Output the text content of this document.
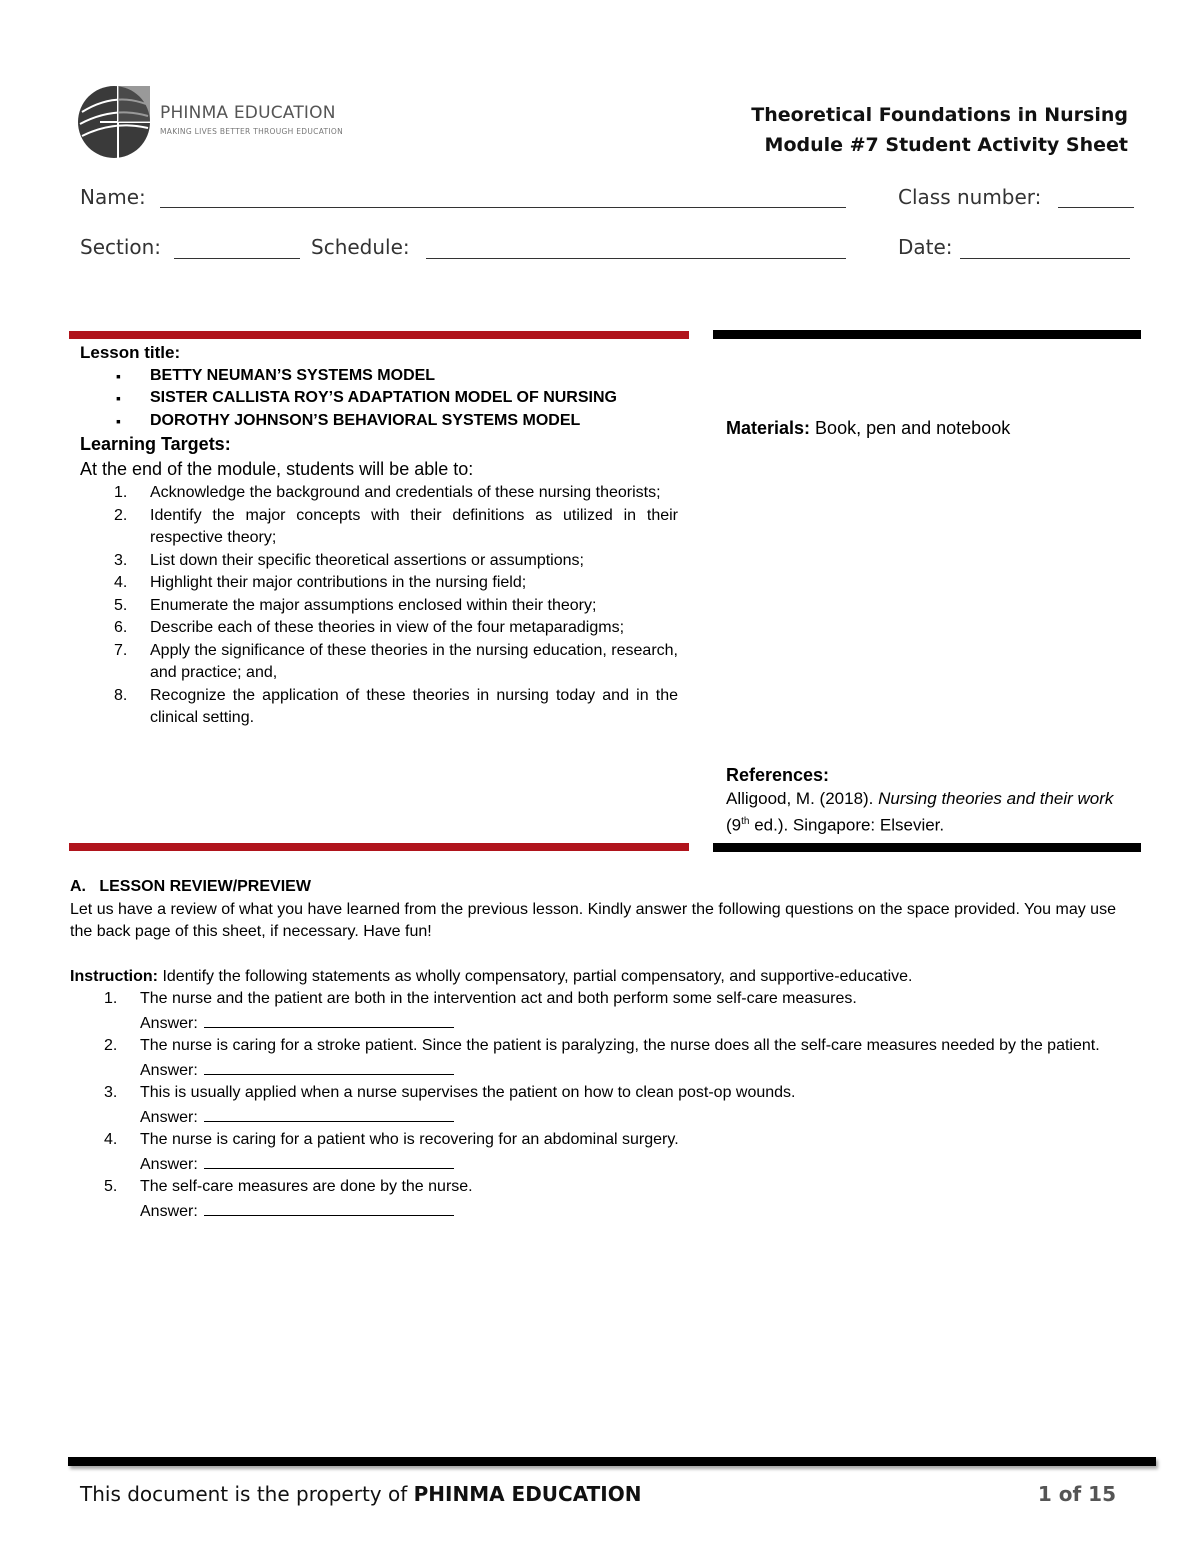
PHINMA EDUCATION
MAKING LIVES BETTER THROUGH EDUCATION
Theoretical Foundations in Nursing
Module #7 Student Activity Sheet
Name:	Class number:
Section:	Schedule:	Date:
Lesson title:
▪ BETTY NEUMAN’S SYSTEMS MODEL
▪ SISTER CALLISTA ROY’S ADAPTATION MODEL OF NURSING
▪ DOROTHY JOHNSON’S BEHAVIORAL SYSTEMS MODEL
Learning Targets:
At the end of the module, students will be able to:
1. Acknowledge the background and credentials of these nursing theorists;
2. Identify the major concepts with their definitions as utilized in their respective theory;
3. List down their specific theoretical assertions or assumptions;
4. Highlight their major contributions in the nursing field;
5. Enumerate the major assumptions enclosed within their theory;
6. Describe each of these theories in view of the four metaparadigms;
7. Apply the significance of these theories in the nursing education, research, and practice; and,
8. Recognize the application of these theories in nursing today and in the clinical setting.
Materials: Book, pen and notebook
References:
Alligood, M. (2018). Nursing theories and their work (9th ed.). Singapore: Elsevier.
A.   LESSON REVIEW/PREVIEW
Let us have a review of what you have learned from the previous lesson. Kindly answer the following questions on the space provided. You may use the back page of this sheet, if necessary. Have fun!
Instruction: Identify the following statements as wholly compensatory, partial compensatory, and supportive-educative.
1. The nurse and the patient are both in the intervention act and both perform some self-care measures.
Answer:
2. The nurse is caring for a stroke patient. Since the patient is paralyzing, the nurse does all the self-care measures needed by the patient.
Answer:
3. This is usually applied when a nurse supervises the patient on how to clean post-op wounds.
Answer:
4. The nurse is caring for a patient who is recovering for an abdominal surgery.
Answer:
5. The self-care measures are done by the nurse.
Answer:
This document is the property of PHINMA EDUCATION	1 of 15
